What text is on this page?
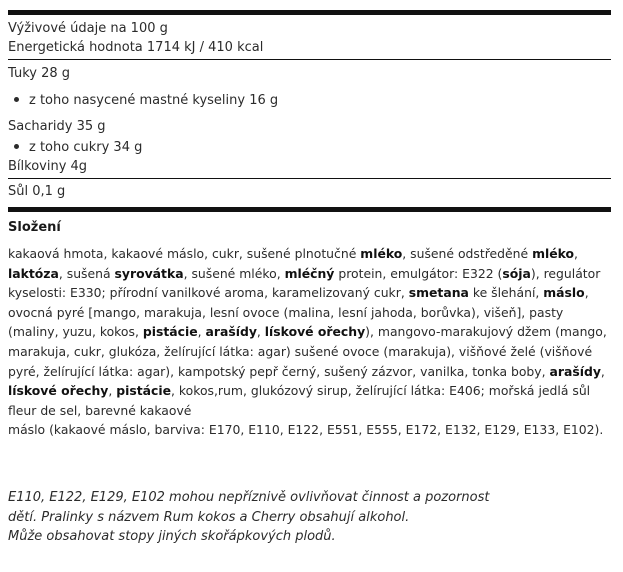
Výživové údaje na 100 g
Energetická hodnota 1714 kJ / 410 kcal
Tuky 28 g
z toho nasycené mastné kyseliny 16 g
Sacharidy 35 g
z toho cukry 34 g
Bílkoviny 4g
Sůl 0,1 g
Složení
kakaová hmota, kakaové máslo, cukr, sušené plnotučné mléko, sušené odstředěné mléko, laktóza, sušená syrovátka, sušené mléko, mléčný protein, emulgátor: E322 (sója), regulátor kyselosti: E330; přírodní vanilkové aroma, karamelizovaný cukr, smetana ke šlehání, máslo, ovocná pyré [mango, marakuja, lesní ovoce (malina, lesní jahoda, borůvka), višeň], pasty (maliny, yuzu, kokos, pistácie, arašídy, lískové ořechy), mangovo-marakujový džem (mango, marakuja, cukr, glukóza, želírující látka: agar) sušené ovoce (marakuja), višňové želé (višňové pyré, želírující látka: agar), kampotský pepř černý, sušený zázvor, vanilka, tonka boby, arašídy, lískové ořechy, pistácie, kokos,rum, glukózový sirup, želírující látka: E406; mořská jedlá sůl fleur de sel, barevné kakaové
máslo (kakaové máslo, barviva: E170, E110, E122, E551, E555, E172, E132, E129, E133, E102).
E110, E122, E129, E102 mohou nepříznivě ovlivňovat činnost a pozornost
dětí. Pralinky s názvem Rum kokos a Cherry obsahují alkohol.
Může obsahovat stopy jiných skořápkových plodů.
